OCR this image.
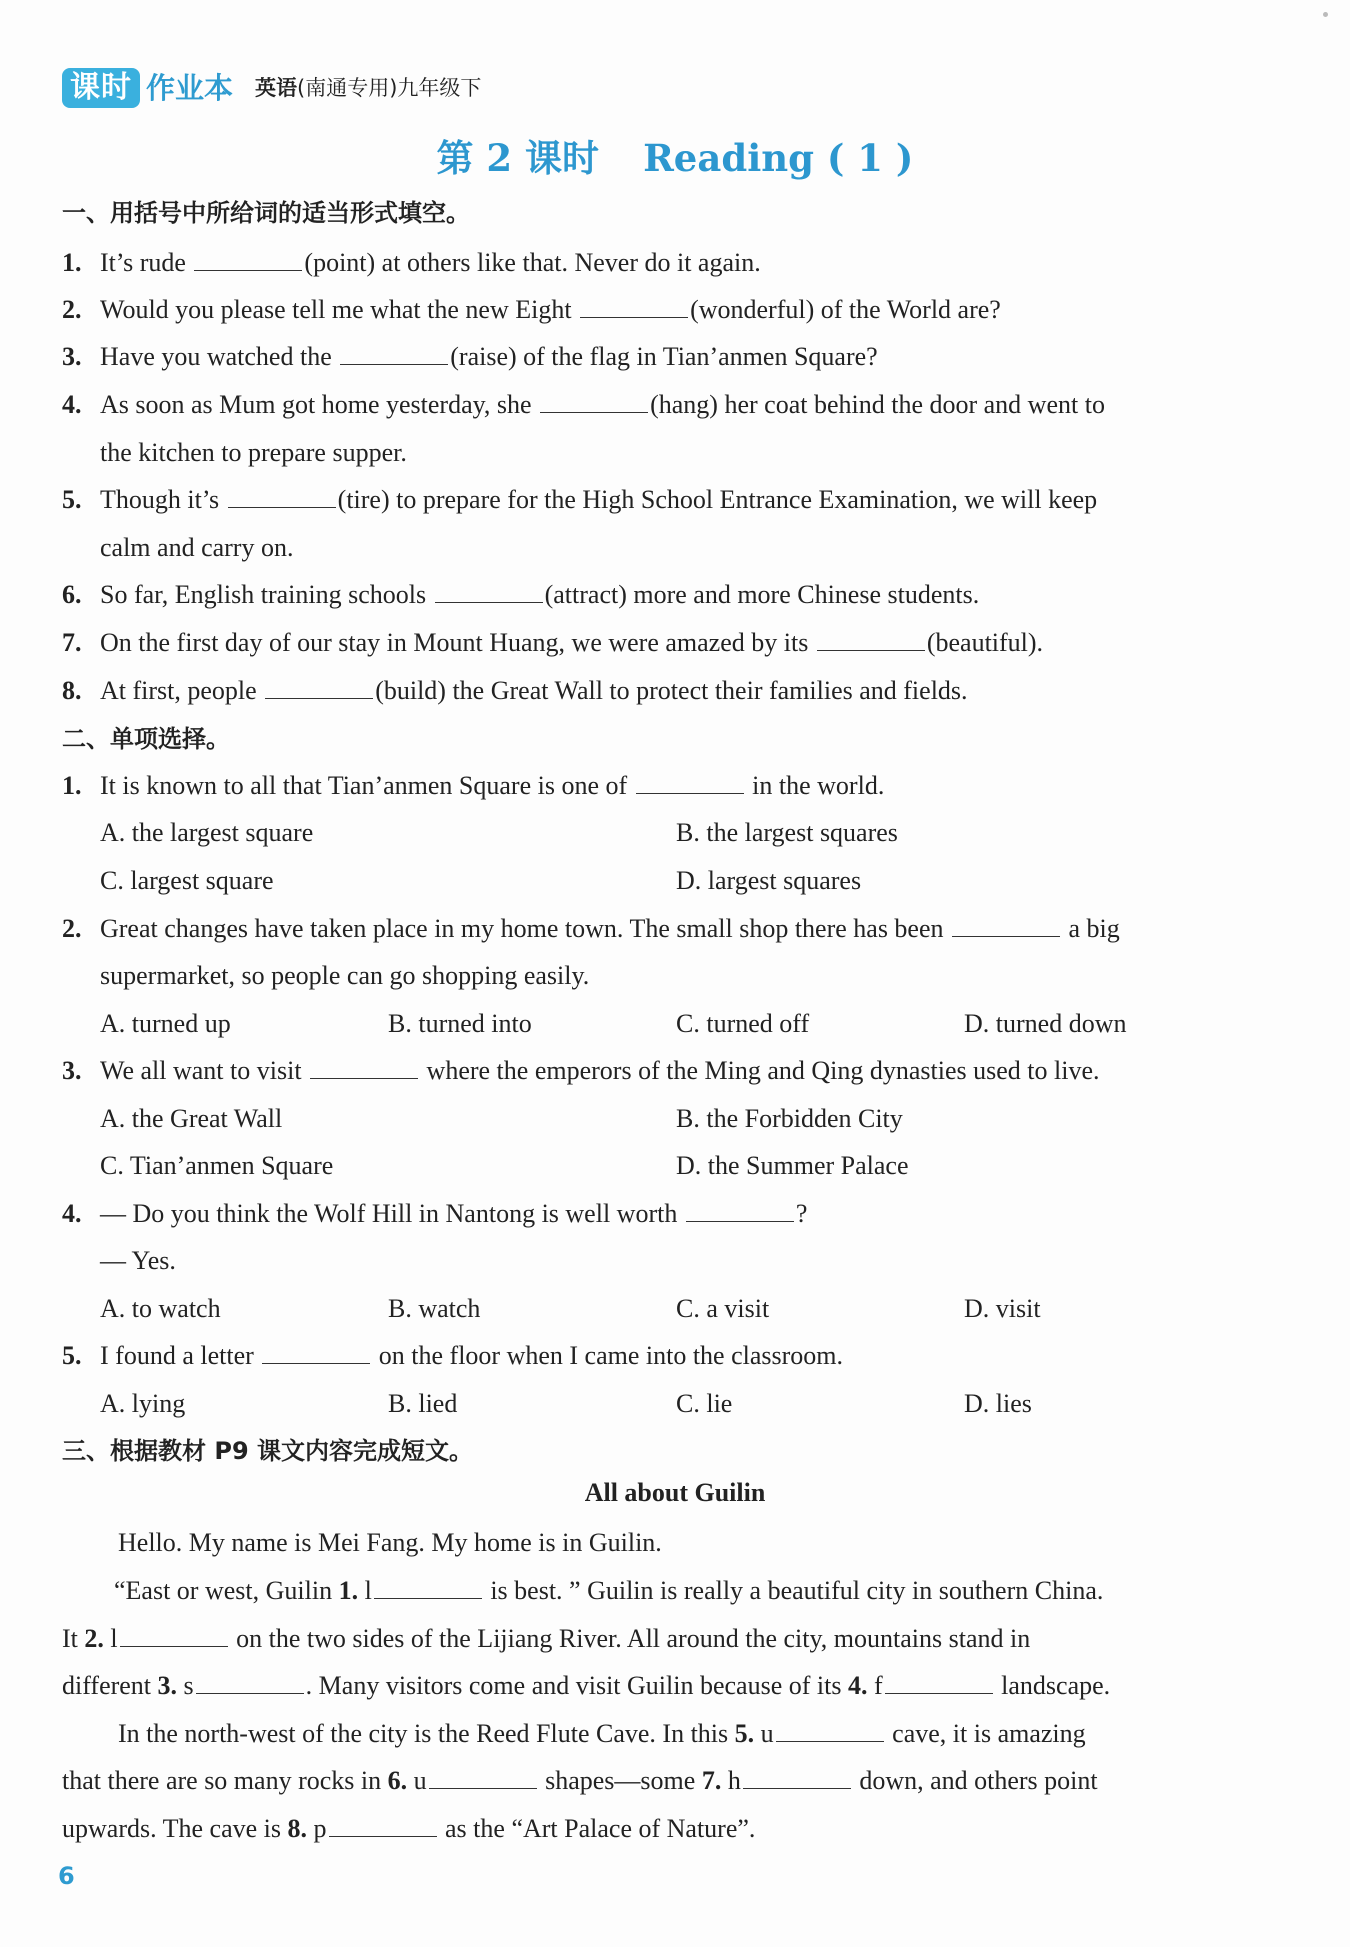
课时 作业本 英语(南通专用)九年级下
第 2 课时 Reading ( 1 )
一、用括号中所给词的适当形式填空。
1. It’s rude	(point) at others like that. Never do it again.
2. Would you please tell me what the new Eight	(wonderful) of the World are?
3. Have you watched the	(raise) of the flag in Tian’anmen Square?
4. As soon as Mum got home yesterday, she	(hang) her coat behind the door and went to
the kitchen to prepare supper.
5. Though it’s	(tire) to prepare for the High School Entrance Examination, we will keep
calm and carry on.
6. So far, English training schools	(attract) more and more Chinese students.
7. On the first day of our stay in Mount Huang, we were amazed by its	(beautiful).
8. At first, people	(build) the Great Wall to protect their families and fields.
二、单项选择。
1. It is known to all that Tian’anmen Square is one of	in the world.
A. the largest square	B. the largest squares
C. largest square	D. largest squares
2. Great changes have taken place in my home town. The small shop there has been	a big
supermarket, so people can go shopping easily.
A. turned up	B. turned into	C. turned off	D. turned down
3. We all want to visit	where the emperors of the Ming and Qing dynasties used to live.
A. the Great Wall	B. the Forbidden City
C. Tian’anmen Square	D. the Summer Palace
4. — Do you think the Wolf Hill in Nantong is well worth	?
— Yes.
A. to watch	B. watch	C. a visit	D. visit
5. I found a letter	on the floor when I came into the classroom.
A. lying	B. lied	C. lie	D. lies
三、根据教材 P9 课文内容完成短文。
All about Guilin
Hello. My name is Mei Fang. My home is in Guilin.
“East or west, Guilin 1. l	is best. ” Guilin is really a beautiful city in southern China.
It 2. l	on the two sides of the Lijiang River. All around the city, mountains stand in
different 3. s	. Many visitors come and visit Guilin because of its 4. f	landscape.
In the north-west of the city is the Reed Flute Cave. In this 5. u	cave, it is amazing
that there are so many rocks in 6. u	shapes—some 7. h	down, and others point
upwards. The cave is 8. p	as the “Art Palace of Nature”.
6
